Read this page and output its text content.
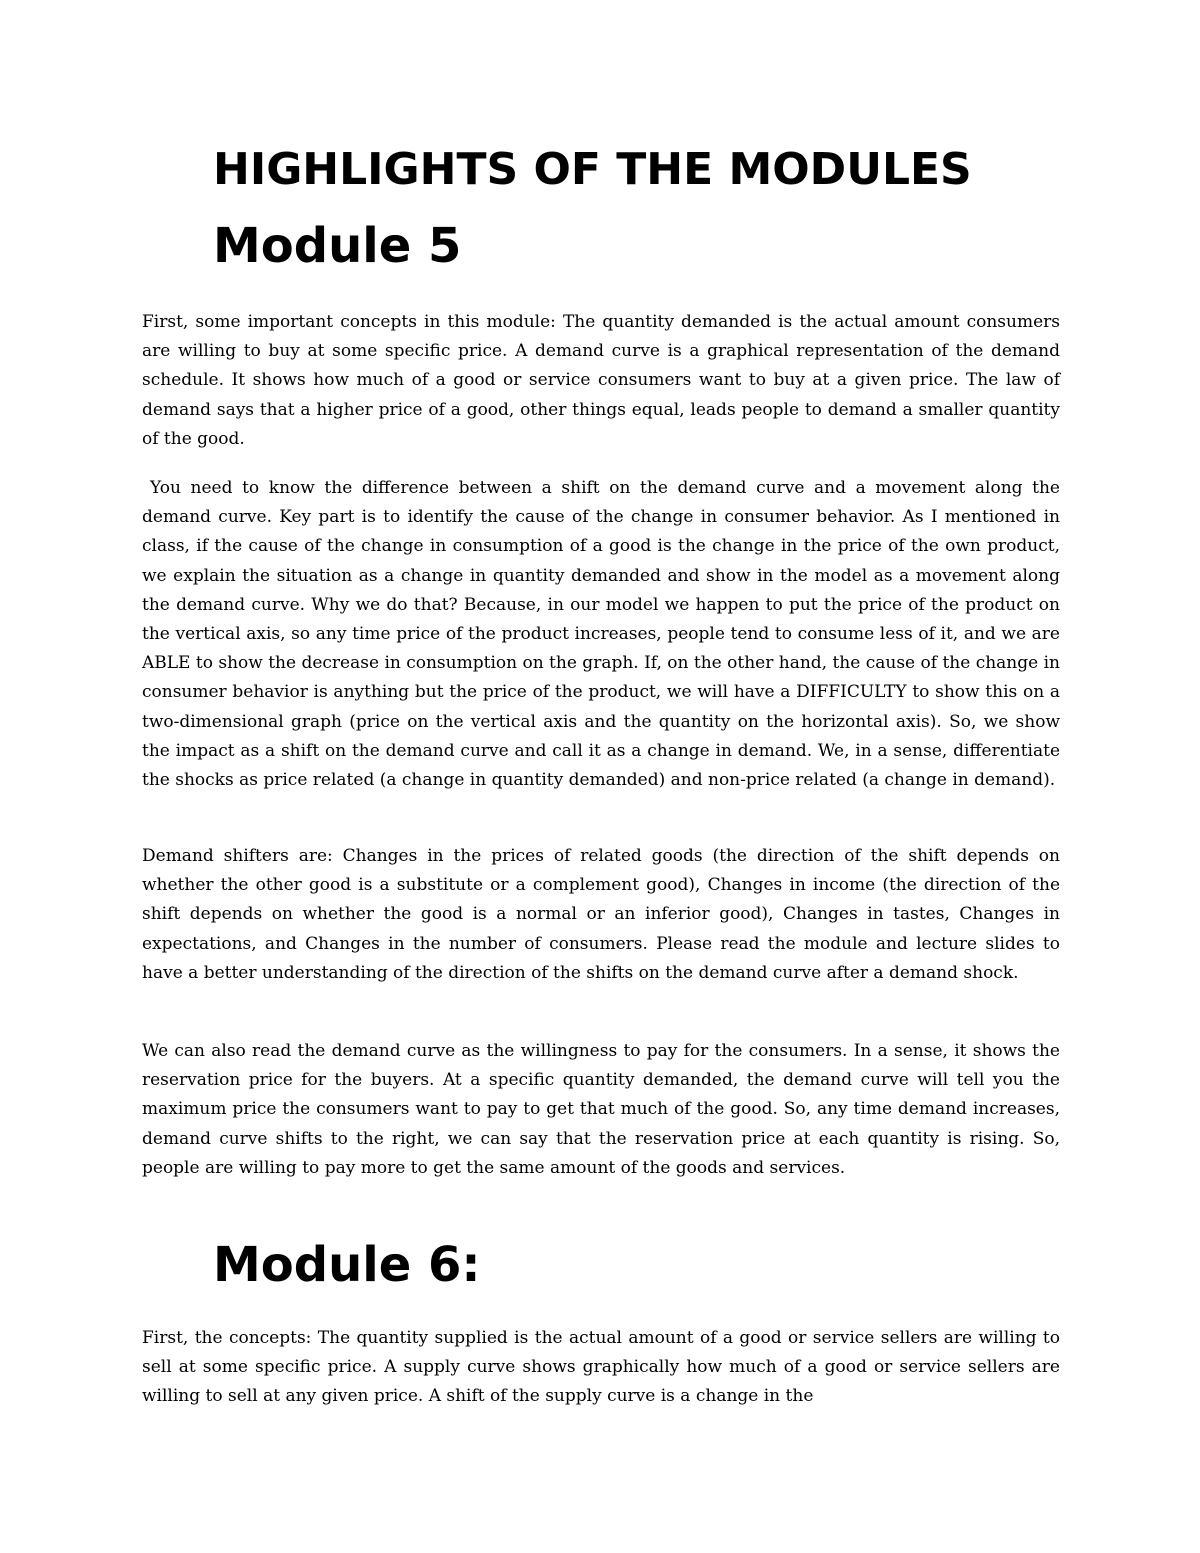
HIGHLIGHTS OF THE MODULES
Module 5

First, some important concepts in this module: The quantity demanded is the actual amount consumers are willing to buy at some specific price. A demand curve is a graphical representation of the demand schedule. It shows how much of a good or service consumers want to buy at a given price. The law of demand says that a higher price of a good, other things equal, leads people to demand a smaller quantity of the good.

You need to know the difference between a shift on the demand curve and a movement along the demand curve. Key part is to identify the cause of the change in consumer behavior. As I mentioned in class, if the cause of the change in consumption of a good is the change in the price of the own product, we explain the situation as a change in quantity demanded and show in the model as a movement along the demand curve. Why we do that? Because, in our model we happen to put the price of the product on the vertical axis, so any time price of the product increases, people tend to consume less of it, and we are ABLE to show the decrease in consumption on the graph. If, on the other hand, the cause of the change in consumer behavior is anything but the price of the product, we will have a DIFFICULTY to show this on a two-dimensional graph (price on the vertical axis and the quantity on the horizontal axis). So, we show the impact as a shift on the demand curve and call it as a change in demand. We, in a sense, differentiate the shocks as price related (a change in quantity demanded) and non-price related (a change in demand).

Demand shifters are: Changes in the prices of related goods (the direction of the shift depends on whether the other good is a substitute or a complement good), Changes in income (the direction of the shift depends on whether the good is a normal or an inferior good), Changes in tastes, Changes in expectations, and Changes in the number of consumers. Please read the module and lecture slides to have a better understanding of the direction of the shifts on the demand curve after a demand shock.

We can also read the demand curve as the willingness to pay for the consumers. In a sense, it shows the reservation price for the buyers. At a specific quantity demanded, the demand curve will tell you the maximum price the consumers want to pay to get that much of the good. So, any time demand increases, demand curve shifts to the right, we can say that the reservation price at each quantity is rising. So, people are willing to pay more to get the same amount of the goods and services.

Module 6:

First, the concepts: The quantity supplied is the actual amount of a good or service sellers are willing to sell at some specific price. A supply curve shows graphically how much of a good or service sellers are willing to sell at any given price. A shift of the supply curve is a change in the
